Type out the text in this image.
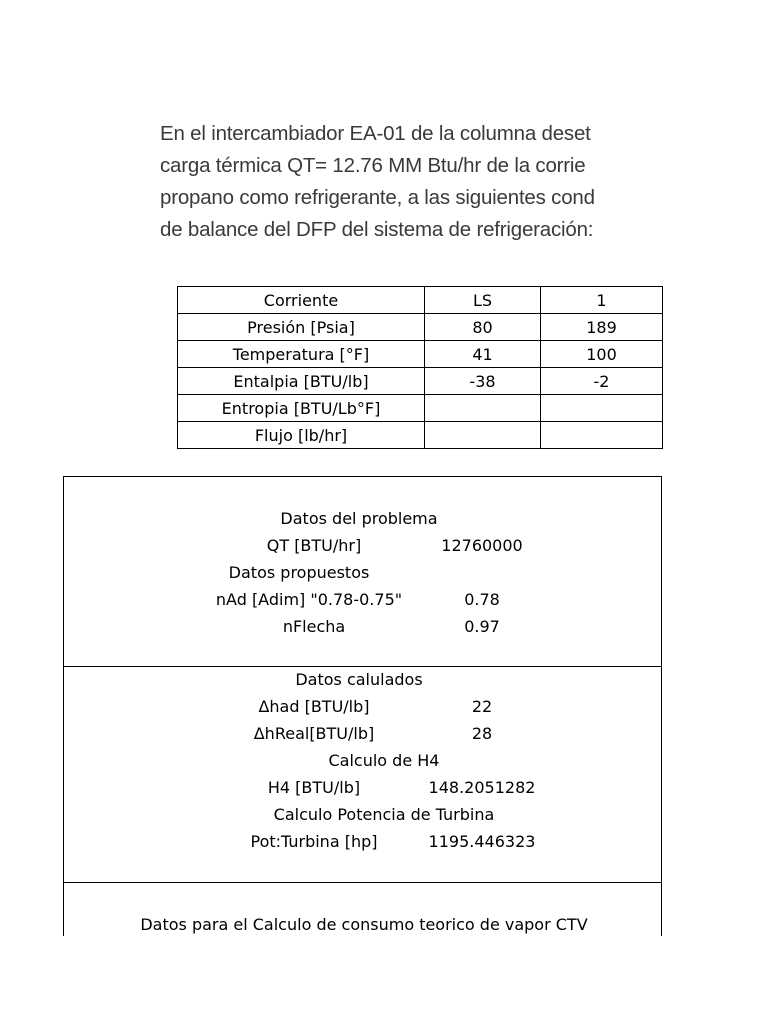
En el intercambiador EA-01 de la columna deset
carga térmica QT= 12.76 MM Btu/hr de la corrie
propano como refrigerante, a las siguientes cond
de balance del DFP del sistema de refrigeración:
Corriente	LS	1
Presión [Psia]	80	189
Temperatura [°F]	41	100
Entalpia [BTU/lb]	-38	-2
Entropia [BTU/Lb°F]		
Flujo [lb/hr]		
Datos del problema
QT [BTU/hr]	12760000
Datos propuestos
nAd [Adim] "0.78-0.75"	0.78
nFlecha	0.97
Datos calulados
Δhad [BTU/lb]	22
ΔhReal[BTU/lb]	28
Calculo de H4
H4 [BTU/lb]	148.2051282
Calculo Potencia de Turbina
Pot:Turbina [hp]	1195.446323
Datos para el Calculo de consumo teorico de vapor CTV
